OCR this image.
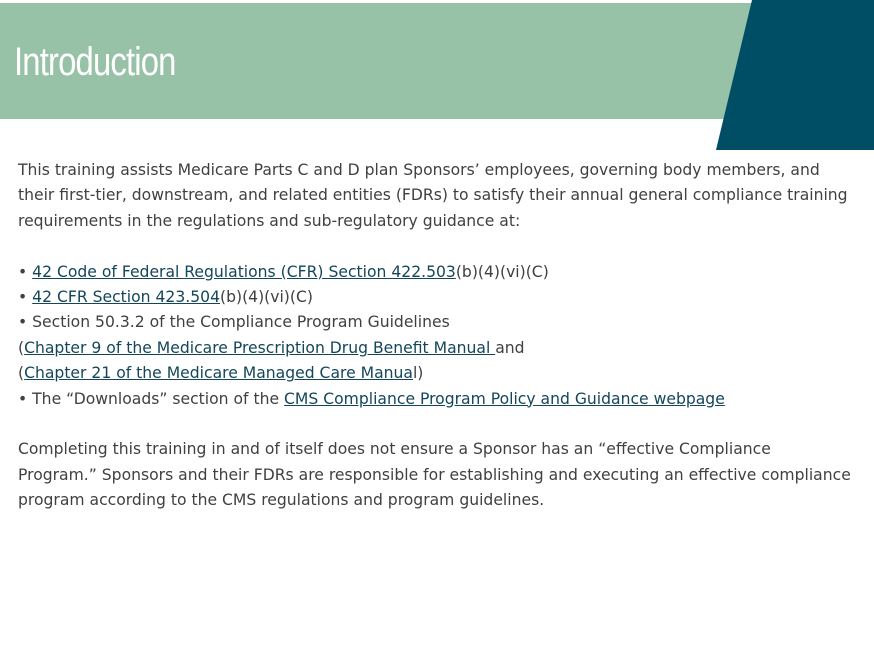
Introduction

This training assists Medicare Parts C and D plan Sponsors’ employees, governing body members, and their first-tier, downstream, and related entities (FDRs) to satisfy their annual general compliance training requirements in the regulations and sub-regulatory guidance at:

• 42 Code of Federal Regulations (CFR) Section 422.503(b)(4)(vi)(C)
• 42 CFR Section 423.504(b)(4)(vi)(C)
• Section 50.3.2 of the Compliance Program Guidelines
(Chapter 9 of the Medicare Prescription Drug Benefit Manual and
(Chapter 21 of the Medicare Managed Care Manual)
• The “Downloads” section of the CMS Compliance Program Policy and Guidance webpage

Completing this training in and of itself does not ensure a Sponsor has an “effective Compliance Program.” Sponsors and their FDRs are responsible for establishing and executing an effective compliance program according to the CMS regulations and program guidelines.
